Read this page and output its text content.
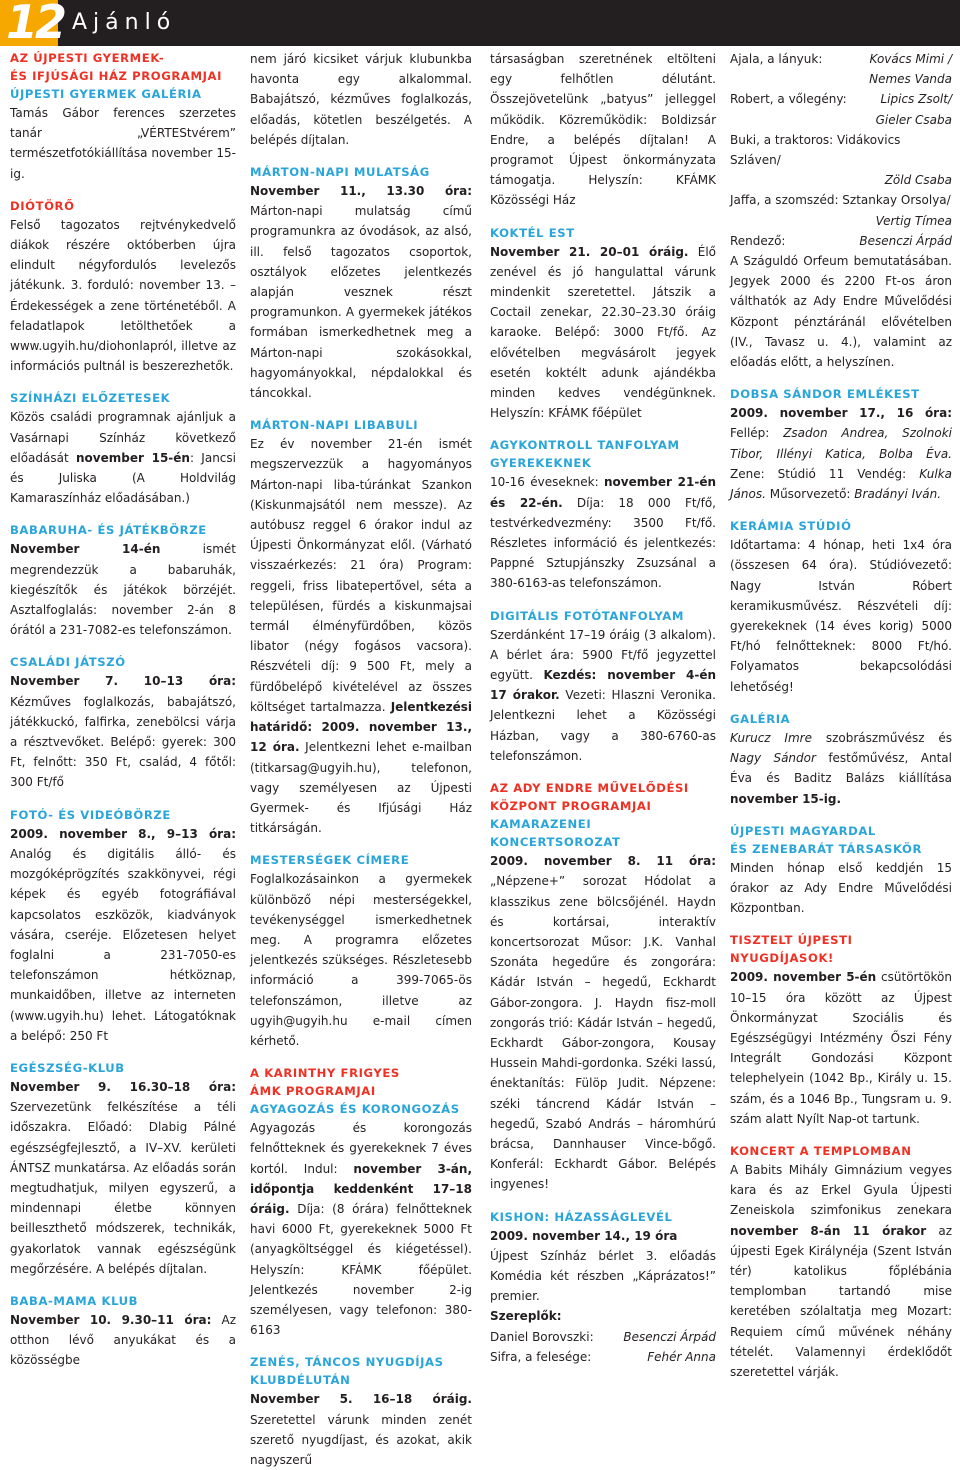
12 Ajánló
AZ ÚJPESTI GYERMEK-
ÉS IFJÚSÁGI HÁZ PROGRAMJAI
ÚJPESTI GYERMEK GALÉRIA

Tamás Gábor ferences szerzetes tanár „VÉRTEStvérem” természetfotókiállítása november 15-ig.

DIÓTÖRŐ

Felső tagozatos rejtvénykedvelő diákok részére októberben újra elindult négyfordulós levelezős játékunk. 3. forduló: november 13. – Érdekességek a zene történetéből. A feladatlapok letölthetőek a www.ugyih.hu/diohonlapról, illetve az információs pultnál is beszerezhetők.

SZÍNHÁZI ELŐZETESEK

Közös családi programnak ajánljuk a Vasárnapi Színház következő előadását november 15-én: Jancsi és Juliska (A Holdvilág Kamaraszínház előadásában.)

BABARUHA- ÉS JÁTÉKBÖRZE

November 14-én ismét megrendezzük a babaruhák, kiegészítők és játékok börzéjét. Asztalfoglalás: november 2-án 8 órától a 231-7082-es telefonszámon.

CSALÁDI JÁTSZÓ

November 7. 10–13 óra: Kézműves foglalkozás, babajátszó, játékkuckó, falfirka, zenebölcsi várja a résztvevőket. Belépő: gyerek: 300 Ft, felnőtt: 350 Ft, család, 4 főtől: 300 Ft/fő

FOTÓ- ÉS VIDEÓBÖRZE

2009. november 8., 9–13 óra: Analóg és digitális álló- és mozgóképrögzítés szakkönyvei, régi képek és egyéb fotográfiával kapcsolatos eszközök, kiadványok vására, cseréje. Előzetesen helyet foglalni a 231-7050-es telefonszámon hétköznap, munkaidőben, illetve az interneten (www.ugyih.hu) lehet. Látogatóknak a belépő: 250 Ft

EGÉSZSÉG-KLUB

November 9. 16.30–18 óra: Szervezetünk felkészítése a téli időszakra. Előadó: Dlabig Pálné egészségfejlesztő, a IV–XV. kerületi ÁNTSZ munkatársa. Az előadás során megtudhatjuk, milyen egyszerű, a mindennapi életbe könnyen beilleszthető módszerek, technikák, gyakorlatok vannak egészségünk megőrzésére. A belépés díjtalan.

BABA-MAMA KLUB

November 10. 9.30–11 óra: Az otthon lévő anyukákat és a közösségbe

nem járó kicsiket várjuk klubunkba havonta egy alkalommal. Babajátszó, kézműves foglalkozás, előadás, kötetlen beszélgetés. A belépés díjtalan.

MÁRTON-NAPI MULATSÁG

November 11., 13.30 óra: Márton-napi mulatság című programunkra az óvodások, az alsó, ill. felső tagozatos csoportok, osztályok előzetes jelentkezés alapján vesznek részt programunkon. A gyermekek játékos formában ismerkedhetnek meg a Márton-napi szokásokkal, hagyományokkal, népdalokkal és táncokkal.

MÁRTON-NAPI LIBABULI

Ez év november 21-én ismét megszervezzük a hagyományos Márton-napi liba-túránkat Szankon (Kiskunmajsától nem messze). Az autóbusz reggel 6 órakor indul az Újpesti Önkormányzat elől. (Várható visszaérkezés: 21 óra) Program: reggeli, friss libatepertővel, séta a településen, fürdés a kiskunmajsai termál élményfürdőben, közös libator (négy fogásos vacsora). Részvételi díj: 9 500 Ft, mely a fürdőbelépő kivételével az összes költséget tartalmazza. Jelentkezési határidő: 2009. november 13., 12 óra. Jelentkezni lehet e-mailban (titkarsag@ugyih.hu), telefonon, vagy személyesen az Újpesti Gyermek- és Ifjúsági Ház titkárságán.

MESTERSÉGEK CÍMERE

Foglalkozásainkon a gyermekek különböző népi mesterségekkel, tevékenységgel ismerkedhetnek meg. A programra előzetes jelentkezés szükséges. Részletesebb információ a 399-7065-ös telefonszámon, illetve az ugyih@ugyih.hu e-mail címen kérhető.

A KARINTHY FRIGYES
ÁMK PROGRAMJAI
AGYAGOZÁS ÉS KORONGOZÁS

Agyagozás és korongozás felnőtteknek és gyerekeknek 7 éves kortól. Indul: november 3-án, időpontja keddenként 17–18 óráig. Díja: (8 órára) felnőtteknek havi 6000 Ft, gyerekeknek 5000 Ft (anyagköltséggel és kiégetéssel). Helyszín: KFÁMK főépület. Jelentkezés november 2-ig személyesen, vagy telefonon: 380-6163

ZENÉS, TÁNCOS NYUGDÍJAS
KLUBDÉLUTÁN

November 5. 16–18 óráig. Szeretettel várunk minden zenét szerető nyugdíjast, és azokat, akik nagyszerű

társaságban szeretnének eltölteni egy felhőtlen délutánt. Összejövetelünk „batyus” jelleggel működik. Közreműködik: Boldizsár Endre, a belépés díjtalan! A programot Újpest önkormányzata támogatja. Helyszín: KFÁMK Közösségi Ház

KOKTÉL EST

November 21. 20–01 óráig. Élő zenével és jó hangulattal várunk mindenkit szeretettel. Játszik a Coctail zenekar, 22.30–23.30 óráig karaoke. Belépő: 3000 Ft/fő. Az elővételben megvásárolt jegyek esetén koktélt adunk ajándékba minden kedves vendégünknek. Helyszín: KFÁMK főépület

AGYKONTROLL TANFOLYAM
GYEREKEKNEK

10-16 éveseknek: november 21-én és 22-én. Díja: 18 000 Ft/fő, testvérkedvezmény: 3500 Ft/fő. Részletes információ és jelentkezés: Pappné Sztupjánszky Zsuzsánal a 380-6163-as telefonszámon.

DIGITÁLIS FOTÓTANFOLYAM

Szerdánként 17–19 óráig (3 alkalom). A bérlet ára: 5900 Ft/fő jegyzettel együtt. Kezdés: november 4-én 17 órakor. Vezeti: Hlaszni Veronika. Jelentkezni lehet a Közösségi Házban, vagy a 380-6760-as telefonszámon.

AZ ADY ENDRE MŰVELŐDÉSI
KÖZPONT PROGRAMJAI
KAMARAZENEI KONCERTSOROZAT

2009. november 8. 11 óra: „Népzene+” sorozat Hódolat a klasszikus zene bölcsőjénél. Haydn és kortársai, interaktív koncertsorozat Műsor: J.K. Vanhal Szonáta hegedűre és zongorára: Kádár István – hegedű, Eckhardt Gábor-zongora. J. Haydn fisz-moll zongorás trió: Kádár István – hegedű, Eckhardt Gábor-zongora, Kousay Hussein Mahdi-gordonka. Széki lassú, énektanítás: Fülöp Judit. Népzene: széki táncrend Kádár István – hegedű, Szabó András – háromhúrú brácsa, Dannhauser Vince-bőgő. Konferál: Eckhardt Gábor. Belépés ingyenes!

KISHON: HÁZASSÁGLEVÉL

2009. november 14., 19 óra

Újpest Színház bérlet 3. előadás Komédia két részben „Káprázatos!” premier.

Szereplők:

Daniel Borovszki: Besenczi Árpád
Sifra, a felesége:	Fehér Anna
Ajala, a lányuk:	Kovács Mimi /
Nemes Vanda
Robert, a vőlegény:	Lipics Zsolt/
Gieler Csaba
Buki, a traktoros: Vidákovics Szláven/
Zöld Csaba
Jaffa, a szomszéd: Sztankay Orsolya/
Vertig Tímea
Rendező:	Besenczi Árpád

A Száguldó Orfeum bemutatásában. Jegyek 2000 és 2200 Ft-os áron válthatók az Ady Endre Művelődési Központ pénztáránál elővételben (IV., Tavasz u. 4.), valamint az előadás előtt, a helyszínen.

DOBSA SÁNDOR EMLÉKEST

2009. november 17., 16 óra: Fellép: Zsadon Andrea, Szolnoki Tibor, Illényi Katica, Bolba Éva. Zene: Stúdió 11 Vendég: Kulka János. Műsorvezető: Bradányi Iván.

KERÁMIA STÚDIÓ

Időtartama: 4 hónap, heti 1x4 óra (összesen 64 óra). Stúdióvezető: Nagy István Róbert keramikusművész. Részvételi díj: gyerekeknek (14 éves korig) 5000 Ft/hó felnőtteknek: 8000 Ft/hó. Folyamatos bekapcsolódási lehetőség!

GALÉRIA

Kurucz Imre szobrászművész és Nagy Sándor festőművész, Antal Éva és Baditz Balázs kiállítása november 15-ig.

ÚJPESTI MAGYARDAL
ÉS ZENEBARÁT TÁRSASKÖR

Minden hónap első keddjén 15 órakor az Ady Endre Művelődési Központban.

TISZTELT ÚJPESTI NYUGDÍJASOK!

2009. november 5-én csütörtökön 10–15 óra között az Újpest Önkormányzat Szociális és Egészségügyi Intézmény Őszi Fény Integrált Gondozási Központ telephelyein (1042 Bp., Király u. 15. szám, és a 1046 Bp., Tungsram u. 9. szám alatt Nyílt Nap-ot tartunk.

KONCERT A TEMPLOMBAN

A Babits Mihály Gimnázium vegyes kara és az Erkel Gyula Újpesti Zeneiskola szimfonikus zenekara november 8-án 11 órakor az újpesti Egek Királynéja (Szent István tér) katolikus főplébánia templomban tartandó mise keretében szólaltatja meg Mozart: Requiem című művének néhány tételét. Valamennyi érdeklődőt szeretettel várják.
